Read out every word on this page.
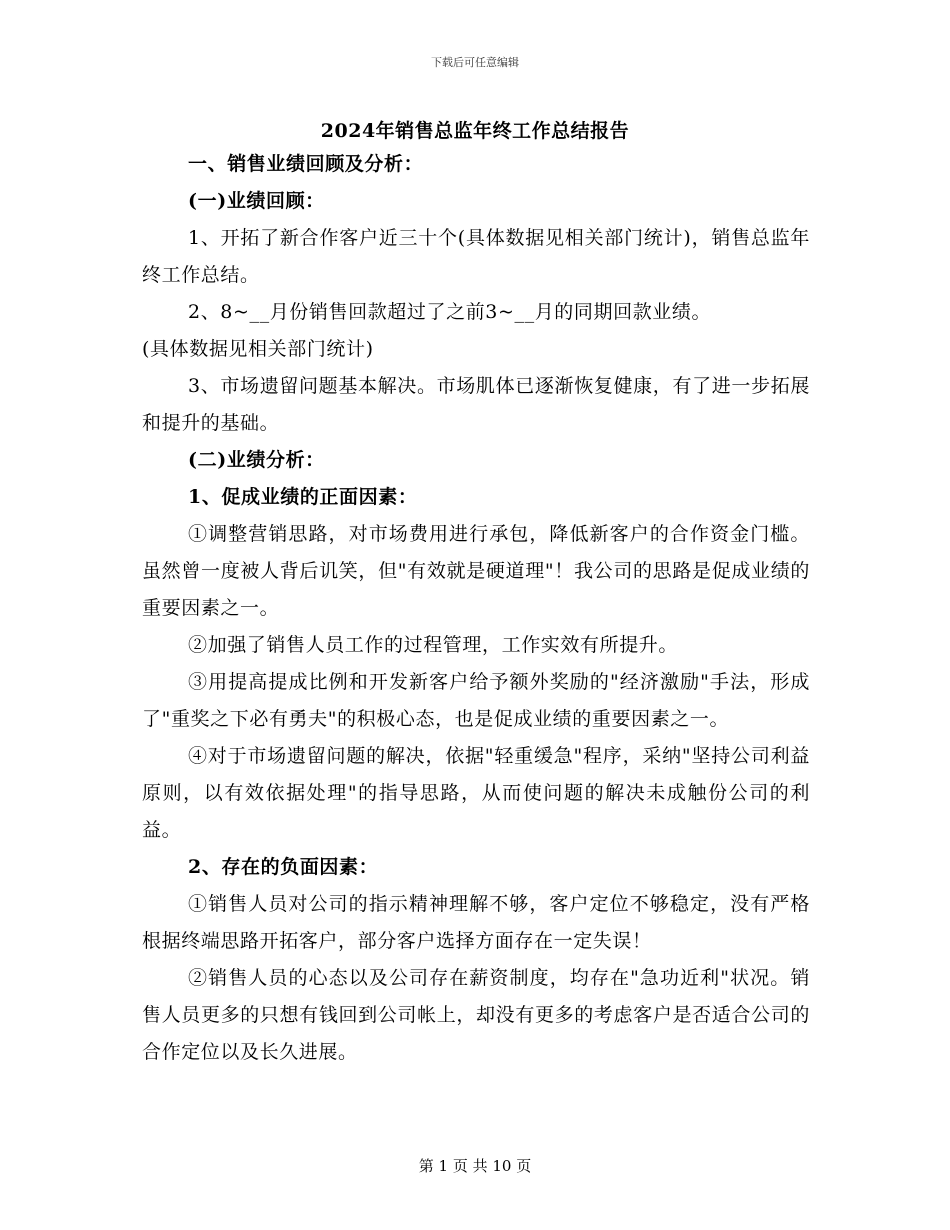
下载后可任意编辑
2024年销售总监年终工作总结报告

一、销售业绩回顾及分析：

(一)业绩回顾：

1、开拓了新合作客户近三十个(具体数据见相关部门统计)，销售总监年终工作总结。

2、8~__月份销售回款超过了之前3~__月的同期回款业绩。

(具体数据见相关部门统计)

3、市场遗留问题基本解决。市场肌体已逐渐恢复健康，有了进一步拓展和提升的基础。

(二)业绩分析：

1、促成业绩的正面因素：

①调整营销思路，对市场费用进行承包，降低新客户的合作资金门槛。虽然曾一度被人背后讥笑，但"有效就是硬道理"！我公司的思路是促成业绩的重要因素之一。

②加强了销售人员工作的过程管理，工作实效有所提升。

③用提高提成比例和开发新客户给予额外奖励的"经济激励"手法，形成了"重奖之下必有勇夫"的积极心态，也是促成业绩的重要因素之一。

④对于市场遗留问题的解决，依据"轻重缓急"程序，采纳"坚持公司利益原则，以有效依据处理"的指导思路，从而使问题的解决未成触份公司的利益。

2、存在的负面因素：

①销售人员对公司的指示精神理解不够，客户定位不够稳定，没有严格根据终端思路开拓客户，部分客户选择方面存在一定失误！

②销售人员的心态以及公司存在薪资制度，均存在"急功近利"状况。销售人员更多的只想有钱回到公司帐上，却没有更多的考虑客户是否适合公司的合作定位以及长久进展。

第 1 页 共 10 页
